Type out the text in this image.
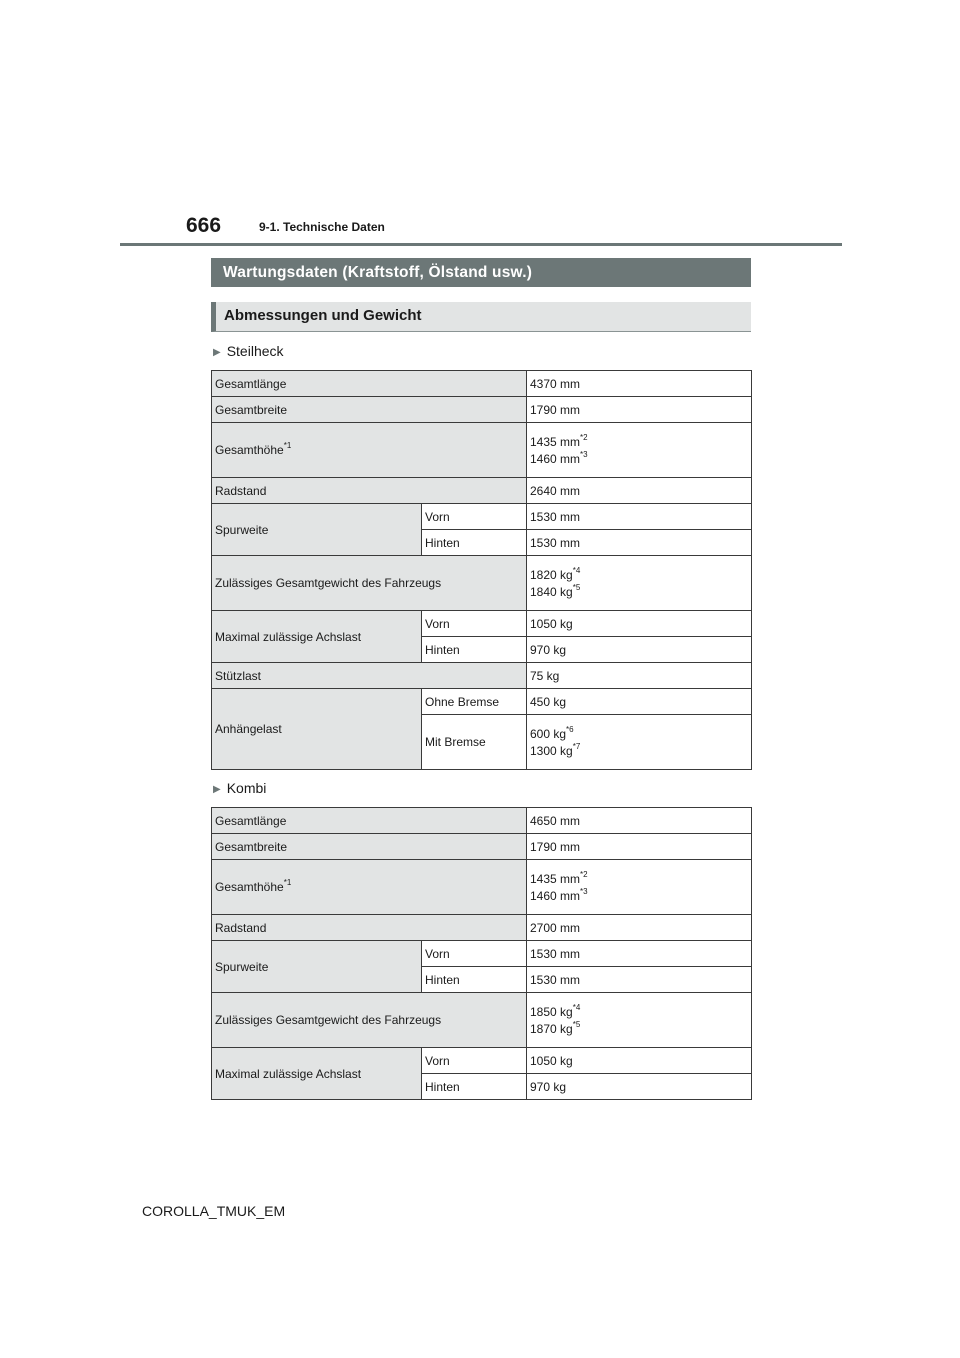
666	9-1. Technische Daten
Wartungsdaten (Kraftstoff, Ölstand usw.)
Abmessungen und Gewicht
▶ Steilheck
Gesamtlänge		4370 mm
Gesamtbreite		1790 mm
Gesamthöhe$^{*1}$		1435 $mm^{*2}$
1460 $mm^{*3}$

Radstand		2640 mm
Spurweite	Vorn	1530 mm
	Hinten	1530 mm
Zulässiges Gesamtgewicht des Fahrzeugs		1820 $kg^{*4}$
1840 $kg^{*5}$

Maximal zulässige Achslast	Vorn	1050 kg
	Hinten	970 kg
Stützlast		75 kg
Anhängelast	Ohne Bremse	450 kg
	Mit Bremse	600 $kg^{*6}$
1300 $kg^{*7}$
▶ Kombi
Gesamtlänge		4650 mm
Gesamtbreite		1790 mm
Gesamthöhe$^{*1}$		1435 $mm^{*2}$
1460 $mm^{*3}$

Radstand		2700 mm
Spurweite	Vorn	1530 mm
	Hinten	1530 mm
Zulässiges Gesamtgewicht des Fahrzeugs		1850 $kg^{*4}$
1870 $kg^{*5}$

Maximal zulässige Achslast	Vorn	1050 kg
	Hinten	970 kg
COROLLA_TMUK_EM
